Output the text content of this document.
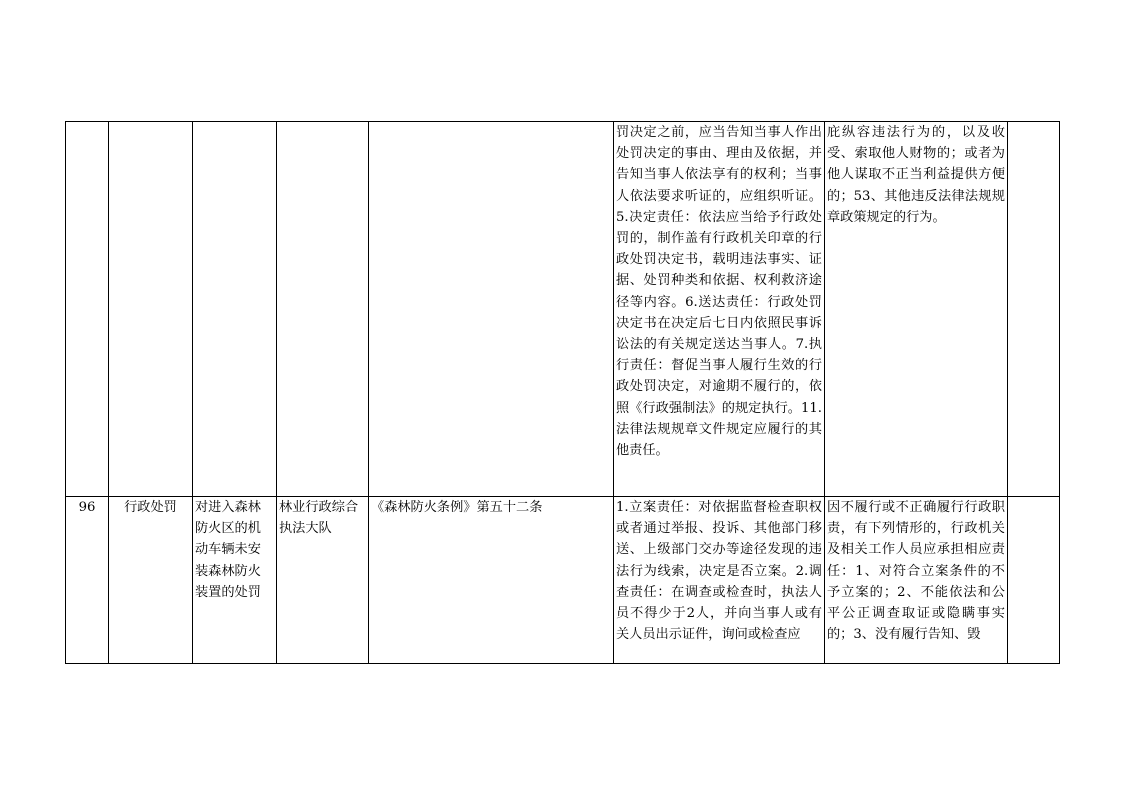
					罚决定之前，应当告知当事人作出处罚决定的事由、理由及依据，并告知当事人依法享有的权利；当事人依法要求听证的，应组织听证。5.决定责任：依法应当给予行政处罚的，制作盖有行政机关印章的行政处罚决定书，载明违法事实、证据、处罚种类和依据、权利救济途径等内容。6.送达责任：行政处罚决定书在决定后七日内依照民事诉讼法的有关规定送达当事人。7.执行责任：督促当事人履行生效的行政处罚决定，对逾期不履行的，依照《行政强制法》的规定执行。11.法律法规规章文件规定应履行的其他责任。	庇纵容违法行为的，以及收受、索取他人财物的；或者为他人谋取不正当利益提供方便的；53、其他违反法律法规规章政策规定的行为。	
96	行政处罚	对进入森林防火区的机动车辆未安装森林防火装置的处罚	林业行政综合执法大队	《森林防火条例》第五十二条	1.立案责任：对依据监督检查职权或者通过举报、投诉、其他部门移送、上级部门交办等途径发现的违法行为线索，决定是否立案。2.调查责任：在调查或检查时，执法人员不得少于2人，并向当事人或有关人员出示证件，询问或检查应	因不履行或不正确履行行政职责，有下列情形的，行政机关及相关工作人员应承担相应责任：1、对符合立案条件的不予立案的；2、不能依法和公平公正调查取证或隐瞒事实的；3、没有履行告知、毁	
